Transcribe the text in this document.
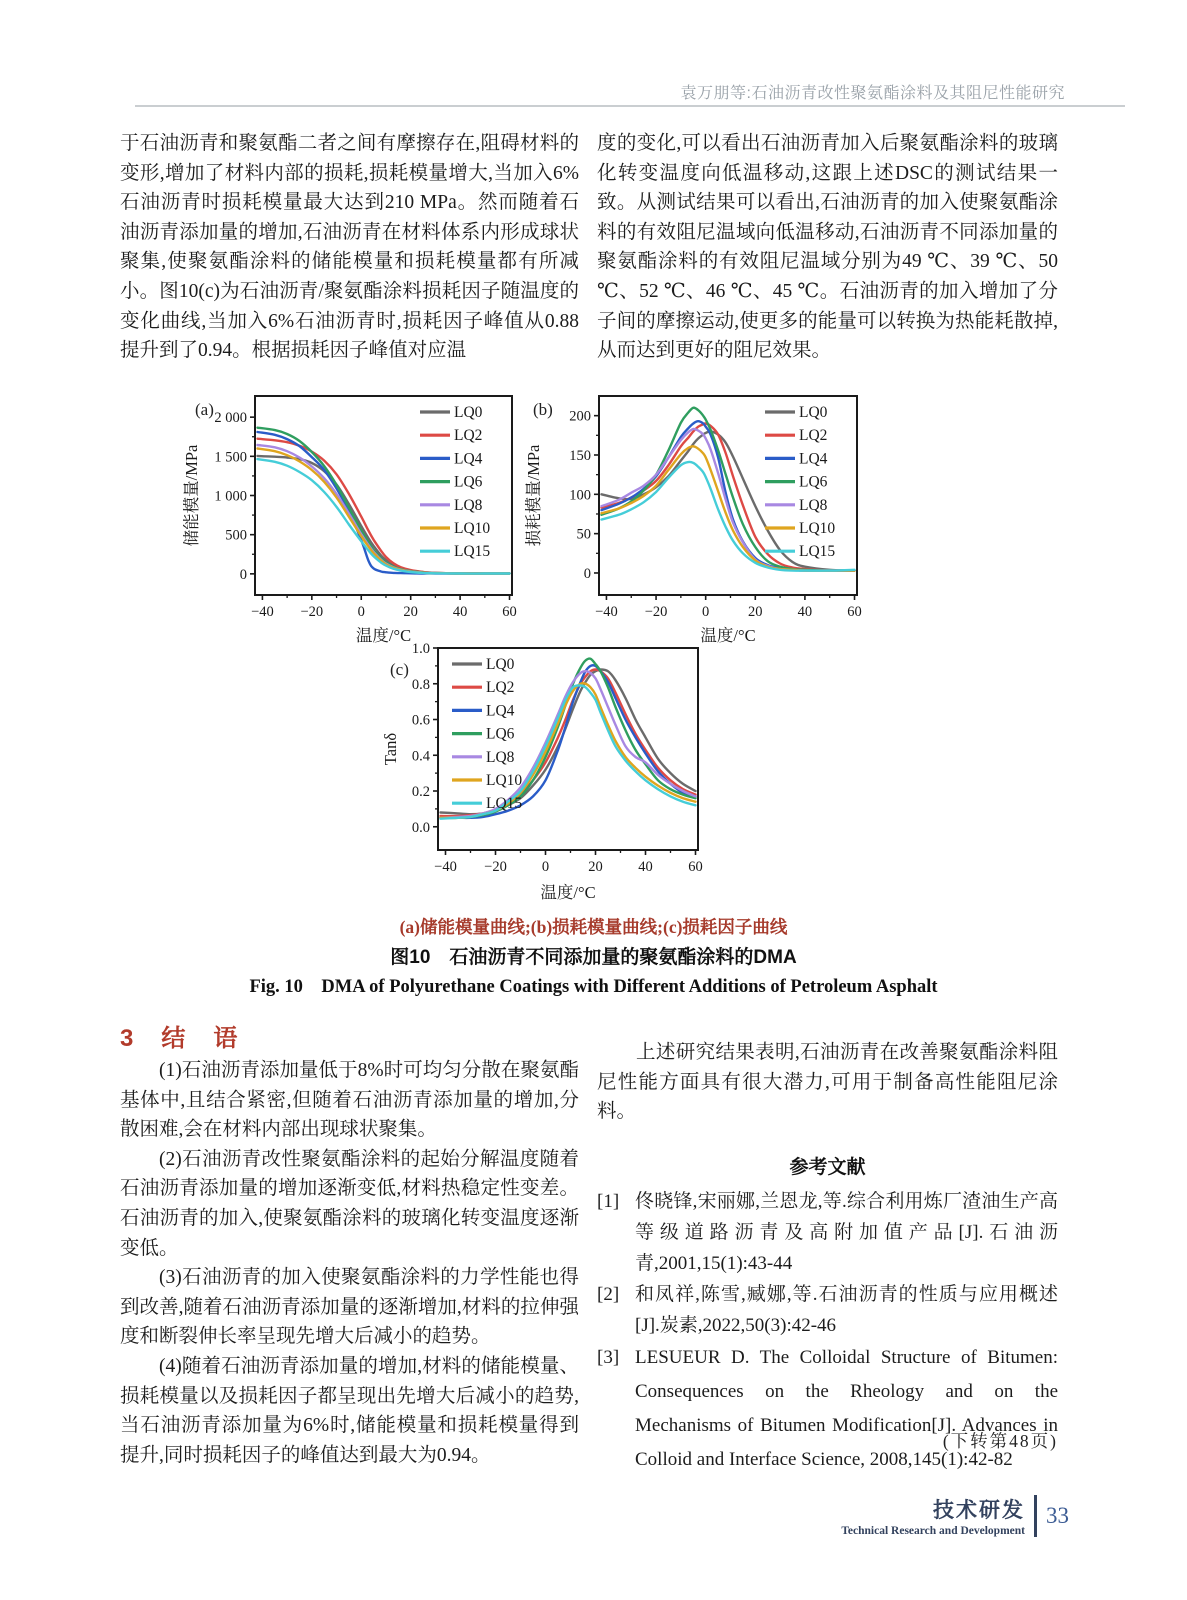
袁万朋等:石油沥青改性聚氨酯涂料及其阻尼性能研究
于石油沥青和聚氨酯二者之间有摩擦存在,阻碍材料的变形,增加了材料内部的损耗,损耗模量增大,当加入6%石油沥青时损耗模量最大达到210 MPa。然而随着石油沥青添加量的增加,石油沥青在材料体系内形成球状聚集,使聚氨酯涂料的储能模量和损耗模量都有所减小。图10(c)为石油沥青/聚氨酯涂料损耗因子随温度的变化曲线,当加入6%石油沥青时,损耗因子峰值从0.88提升到了0.94。根据损耗因子峰值对应温
度的变化,可以看出石油沥青加入后聚氨酯涂料的玻璃化转变温度向低温移动,这跟上述DSC的测试结果一致。从测试结果可以看出,石油沥青的加入使聚氨酯涂料的有效阻尼温域向低温移动,石油沥青不同添加量的聚氨酯涂料的有效阻尼温域分别为49 ℃、39 ℃、50 ℃、52 ℃、46 ℃、45 ℃。石油沥青的加入增加了分子间的摩擦运动,使更多的能量可以转换为热能耗散掉,从而达到更好的阻尼效果。
(a)
−40 −20 0	20 40 60
0
500
1 000
1 500
2 000
温度/°C
储能模量/MPa
LQ0
LQ2
LQ4
LQ6
LQ8
LQ10
LQ15
(b)
−40 −20 0	20 40 60
0
50
100
150
200
温度/°C
损耗模量/MPa
LQ0
LQ2
LQ4
LQ6
LQ8
LQ10
LQ15
(c)
−40 −20 0	20 40 60
0.0
0.2
0.4
0.6
0.8
1.0
温度/°C
Tanδ
LQ0
LQ2
LQ4
LQ6
LQ8
LQ10
LQ15
(a)储能模量曲线;(b)损耗模量曲线;(c)损耗因子曲线
图10　石油沥青不同添加量的聚氨酯涂料的DMA
Fig. 10　DMA of Polyurethane Coatings with Different Additions of Petroleum Asphalt
3　结　语

(1)石油沥青添加量低于8%时可均匀分散在聚氨酯基体中,且结合紧密,但随着石油沥青添加量的增加,分散困难,会在材料内部出现球状聚集。

(2)石油沥青改性聚氨酯涂料的起始分解温度随着石油沥青添加量的增加逐渐变低,材料热稳定性变差。石油沥青的加入,使聚氨酯涂料的玻璃化转变温度逐渐变低。

(3)石油沥青的加入使聚氨酯涂料的力学性能也得到改善,随着石油沥青添加量的逐渐增加,材料的拉伸强度和断裂伸长率呈现先增大后减小的趋势。

(4)随着石油沥青添加量的增加,材料的储能模量、损耗模量以及损耗因子都呈现出先增大后减小的趋势,当石油沥青添加量为6%时,储能模量和损耗模量得到提升,同时损耗因子的峰值达到最大为0.94。

上述研究结果表明,石油沥青在改善聚氨酯涂料阻尼性能方面具有很大潜力,可用于制备高性能阻尼涂料。

参考文献
[1] 佟晓锋,宋丽娜,兰恩龙,等.综合利用炼厂渣油生产高等级道路沥青及高附加值产品[J].石油沥青,2001,15(1):43-44
[2] 和凤祥,陈雪,臧娜,等.石油沥青的性质与应用概述[J].炭素,2022,50(3):42-46
[3] LESUEUR D. The Colloidal Structure of Bitumen: Consequences on the Rheology and on the Mechanisms of Bitumen Modification[J]. Advances in Colloid and Interface Science, 2008,145(1):42-82
(下转第48页)
技术研发
Technical Research and Development
33
